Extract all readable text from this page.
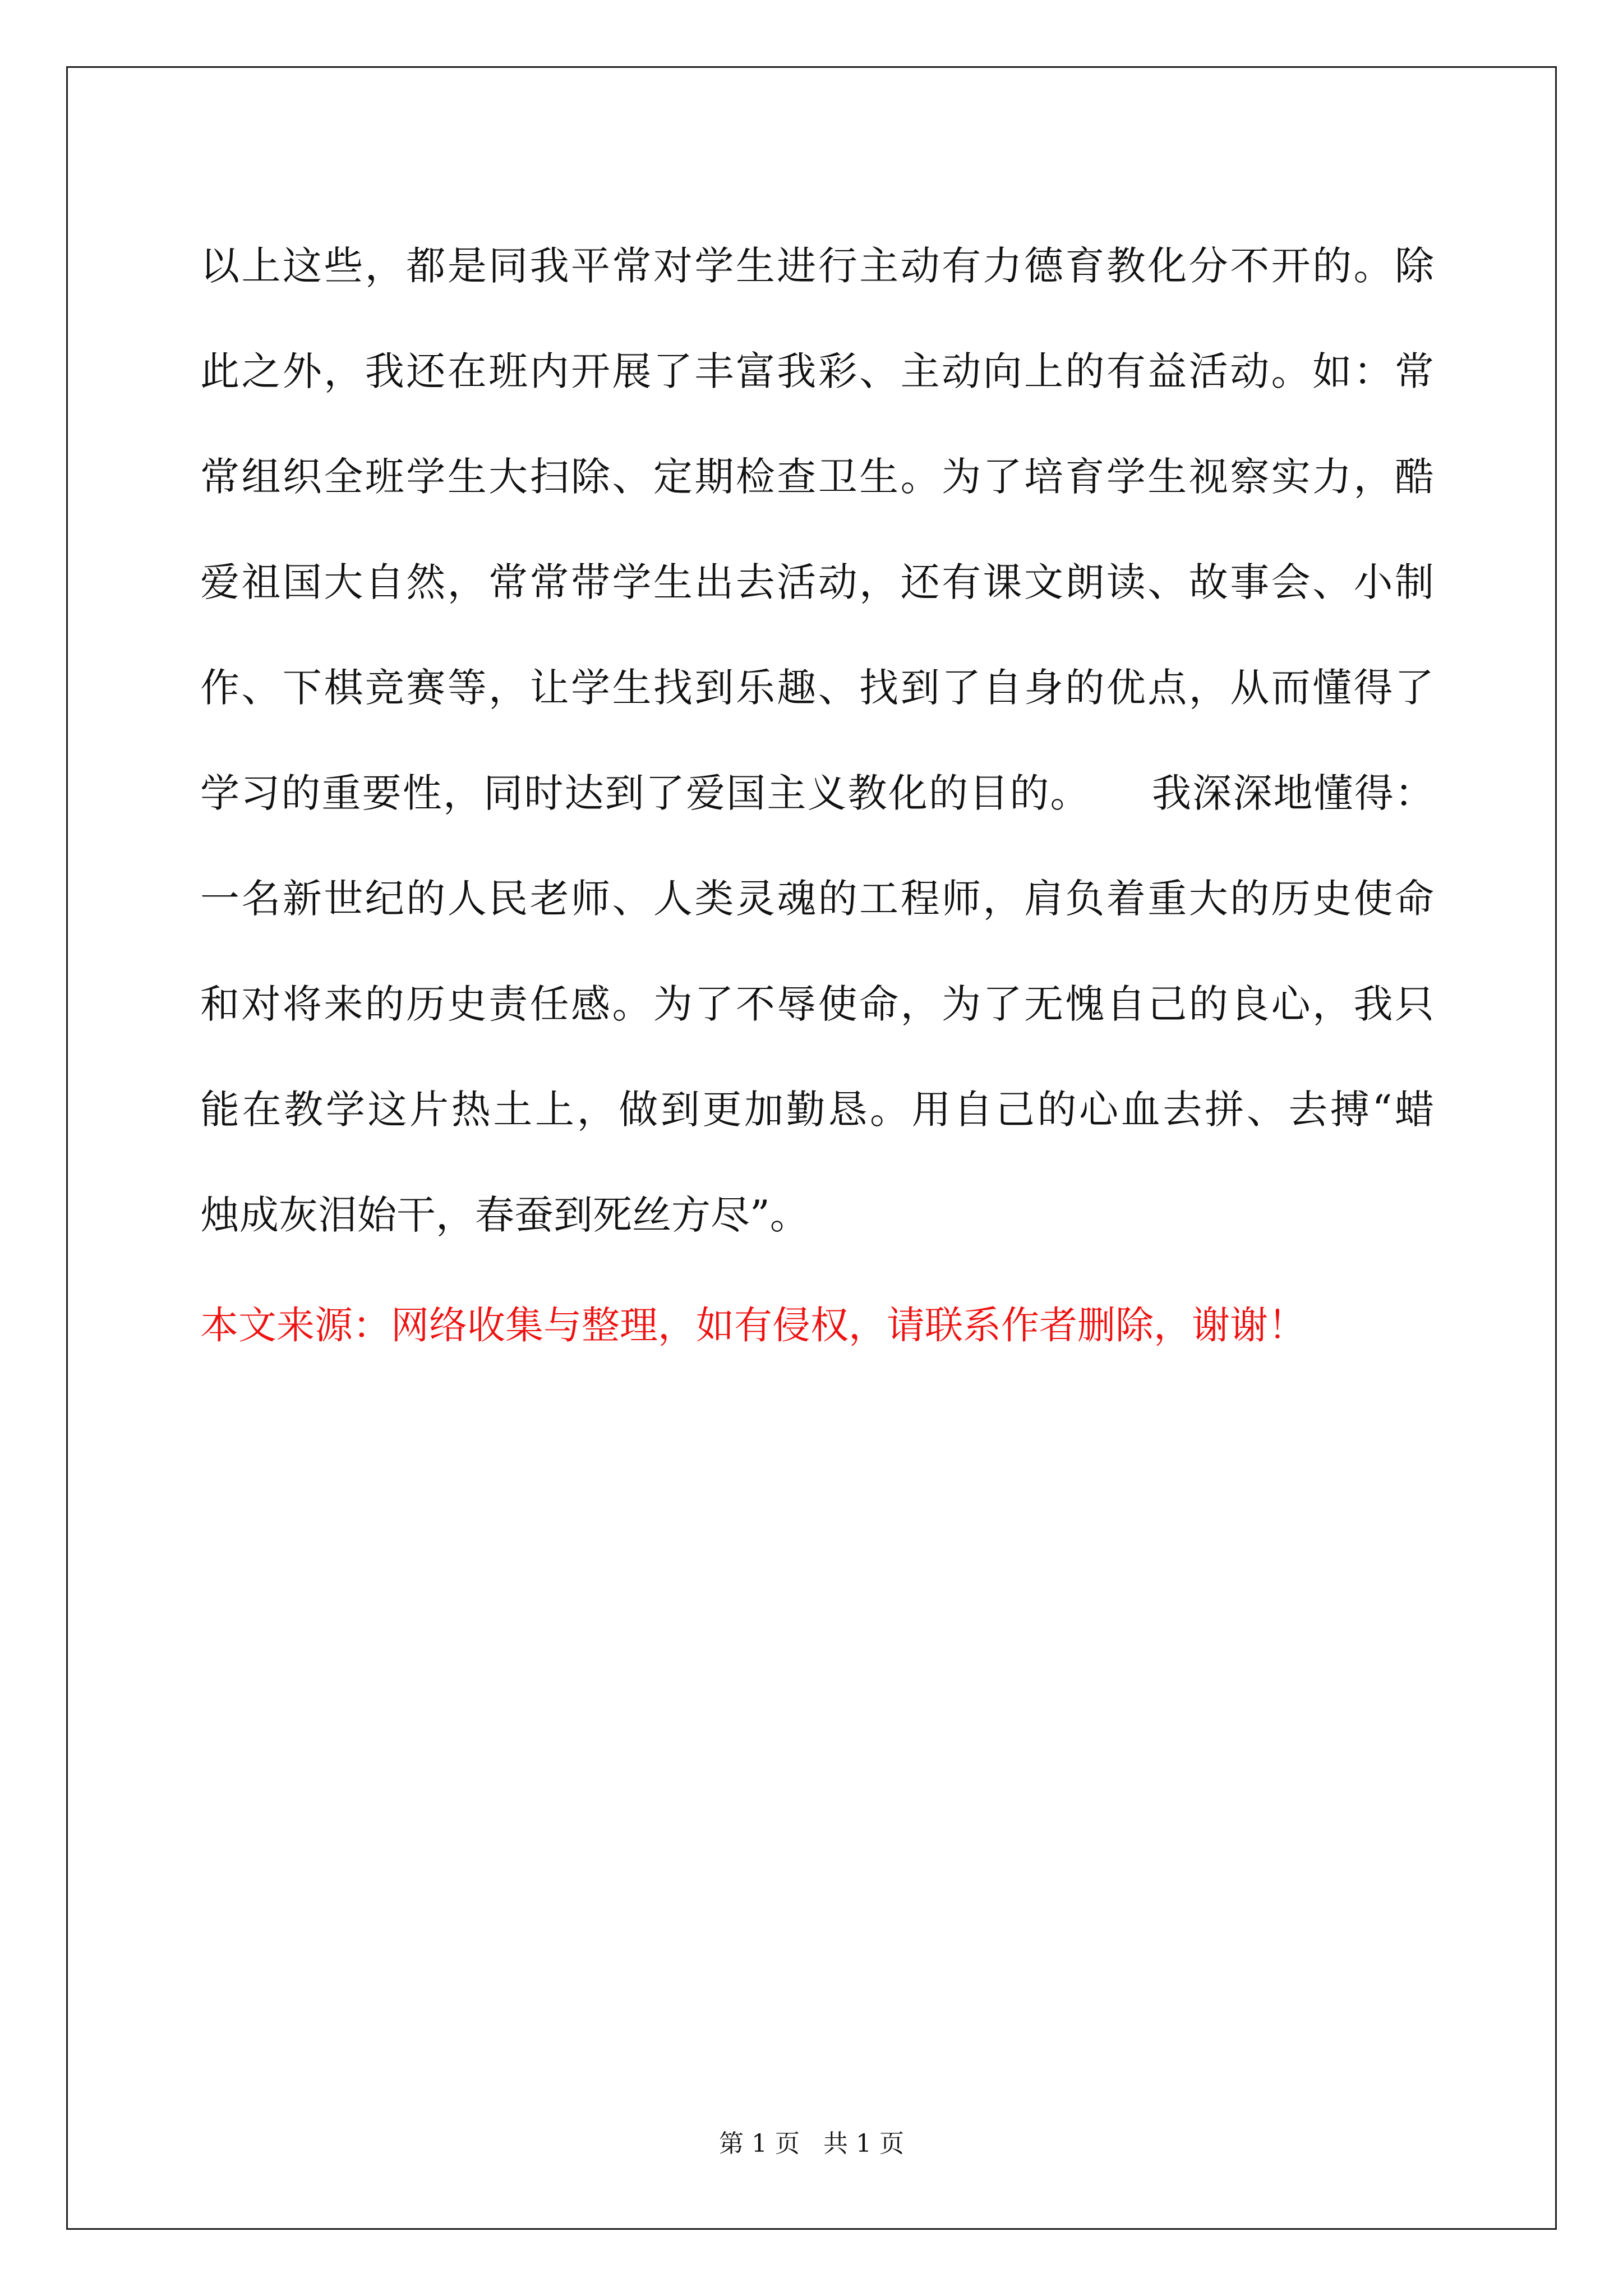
以上这些，都是同我平常对学生进行主动有力德育教化分不开的。除
此之外，我还在班内开展了丰富我彩、主动向上的有益活动。如：常
常组织全班学生大扫除、定期检查卫生。为了培育学生视察实力，酷
爱祖国大自然，常常带学生出去活动，还有课文朗读、故事会、小制
作、下棋竞赛等，让学生找到乐趣、找到了自身的优点，从而懂得了
学习的重要性，同时达到了爱国主义教化的目的。　　我深深地懂得：
一名新世纪的人民老师、人类灵魂的工程师，肩负着重大的历史使命
和对将来的历史责任感。为了不辱使命，为了无愧自己的良心，我只
能在教学这片热土上，做到更加勤恳。用自己的心血去拼、去搏“蜡
烛成灰泪始干，春蚕到死丝方尽”。
本文来源：网络收集与整理，如有侵权，请联系作者删除，谢谢！
第 1 页 共 1 页
